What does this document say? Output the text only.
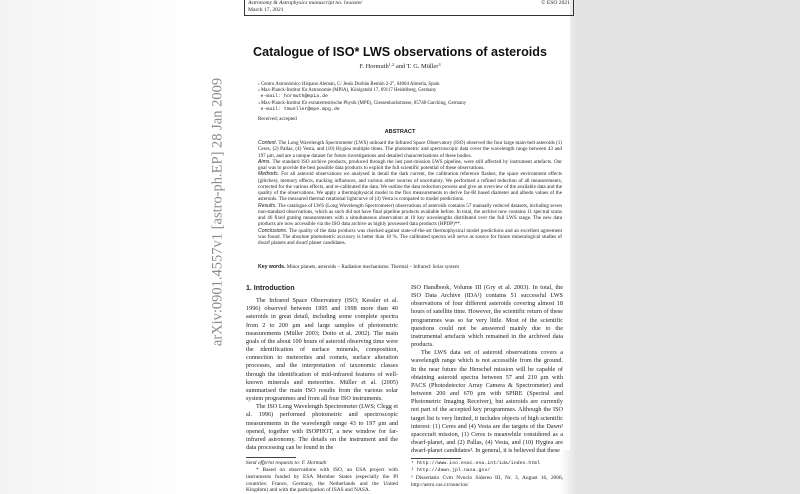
arXiv:0901.4557v1 [astro-ph.EP] 28 Jan 2009
Astronomy & Astrophysics manuscript no. lwsaster
March 17, 2021
© ESO 2021
Catalogue of ISO* LWS observations of asteroids
F. Hormuth$^{1,2}$ and T. G. Müller$^3$
$^1$ Centro Astronómico Hispano Alemán, C/ Jesús Durbán Remón 2-2°, 04004 Almería, Spain
$^2$ Max-Planck-Institut für Astronomie (MPIA), Königstuhl 17, 69117 Heidelberg, Germany
e-mail: hormuth@mpia.de
$^3$ Max-Planck-Institut für extraterrestrische Physik (MPE), Giessenbachstrasse, 85748 Garching, Germany
e-mail: tmueller@mpe.mpg.de
Received; accepted
ABSTRACT

Context. The Long Wavelength Spectrometer (LWS) onboard the Infrared Space Observatory (ISO) observed the four large main-belt asteroids (1) Ceres, (2) Pallas, (4) Vesta, and (10) Hygiea multiple times. The photometric and spectroscopic data cover the wavelength range between 43 and 197 μm, and are a unique dataset for future investigations and detailed characterisations of these bodies.

Aims. The standard ISO archive products, produced through the last post-mission LWS pipeline, were still affected by instrument artefacts. Our goal was to provide the best possible data products to exploit the full scientific potential of these observations.

Methods. For all asteroid observations we analysed in detail the dark current, the calibration reference flashes, the space environment effects (glitches), memory effects, tracking influences, and various other sources of uncertainty. We performed a refined reduction of all measurements, corrected for the various effects, and re-calibrated the data. We outline the data reduction process and give an overview of the available data and the quality of the observations. We apply a thermophysical model to the flux measurements to derive far-IR based diameter and albedo values of the asteroids. The measured thermal rotational lightcurve of (4) Vesta is compared to model predictions.

Results. The catalogue of LWS (Long Wavelength Spectrometer) observations of asteroids contains 57 manually reduced datasets, including seven non-standard observations, which as such did not have final pipeline products available before. In total, the archive now contains 11 spectral scans and 46 fixed grating measurements with a simultaneous observation at 10 key wavelengths distributed over the full LWS range. The new data products are now accessible via the ISO data archive as highly processed data products (HPDP)**.

Conclusions. The quality of the data products was checked against state-of-the-art thermophysical model predictions and an excellent agreement was found. The absolute photometric accuracy is better than 10 %. The calibrated spectra will serve as source for future mineralogical studies of dwarf planets and dwarf planet candidates.

Key words. Minor planets, asteroids – Radiation mechanisms: Thermal – Infrared: Solar system

1. Introduction

The Infrared Space Observatory (ISO; Kessler et al. 1996) observed between 1995 and 1998 more than 40 asteroids in great detail, including some complete spectra from 2 to 200 μm and large samples of photometric measurements (Müller 2003; Dotto et al. 2002). The main goals of the about 100 hours of asteroid observing time were the identification of surface minerals, composition, connection to meteorites and comets, surface alteration processes, and the interpretation of taxonomic classes through the identification of mid-infrared features of well-known minerals and meteorites. Müller et al. (2005) summarised the main ISO results from the various solar system programmes and from all four ISO instruments.

The ISO Long Wavelength Spectrometer (LWS; Clegg et al. 1996) performed photometric and spectroscopic measurements in the wavelength range 43 to 197 μm and opened, together with ISOPHOT, a new window for far-infrared astronomy. The details on the instrument and the data processing can be found in the

Send offprint requests to: F. Hormuth

* Based on observations with ISO, an ESA project with instruments funded by ESA Member States (especially the PI countries: France, Germany, the Netherlands and the United Kingdom) and with the participation of ISAS and NASA.

ISO Handbook, Volume III (Gry et al. 2003). In total, the ISO Data Archive (IDA¹) contains 51 successful LWS observations of four different asteroids covering almost 18 hours of satellite time. However, the scientific return of these programmes was so far very little. Most of the scientific questions could not be answered mainly due to the instrumental artefacts which remained in the archived data products.

The LWS data set of asteroid observations covers a wavelength range which is not accessible from the ground. In the near future the Herschel mission will be capable of obtaining asteroid spectra between 57 and 210 μm with PACS (Photodetector Array Camera & Spectrometer) and between 200 and 670 μm with SPIRE (Spectral and Photometric Imaging Receiver), but asteroids are currently not part of the accepted key programmes. Although the ISO target list is very limited, it includes objects of high scientific interest: (1) Ceres and (4) Vesta are the targets of the Dawn² spacecraft mission, (1) Ceres is meanwhile considered as a dwarf-planet, and (2) Pallas, (4) Vesta, and (10) Hygiea are dwarf-planet candidates³. In general, it is believed that these

¹ http://www.iso.esac.esa.int/ida/index.html

² http://dawn.jpl.nasa.gov/

³ Dissertatio Cvm Nvncio Sidereo III, Nr. 3, August 16, 2006, http://astro.cas.cz/nuncius/
